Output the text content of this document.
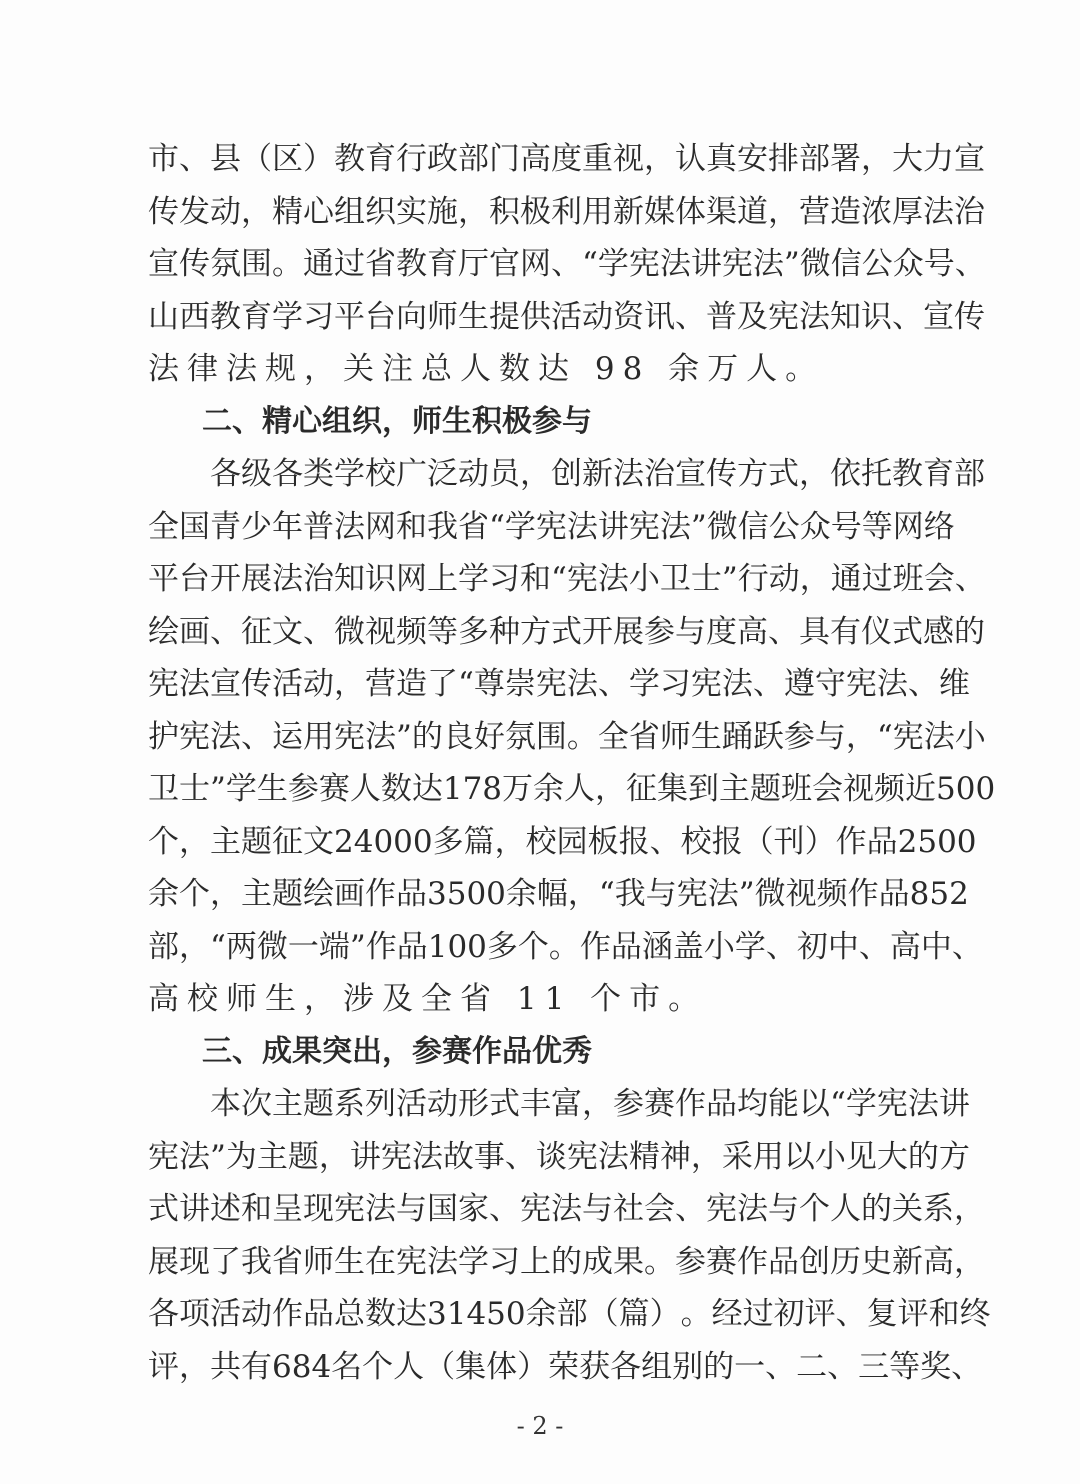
市 、 县 （ 区 ） 教 育 行 政 部 门 高 度 重 视 ， 认 真 安 排 部 署 ， 大 力 宣
传 发 动 ， 精 心 组 织 实 施 ， 积 极 利 用 新 媒 体 渠 道 ， 营 造 浓 厚 法 治
宣 传 氛 围 。 通 过 省 教 育 厅 官 网 、 “ 学 宪 法 讲 宪 法 ” 微 信 公 众 号 、
山 西 教 育 学 习 平 台 向 师 生 提 供 活 动 资 讯 、 普 及 宪 法 知 识 、 宣 传
法律法规，关注总人数达 98 余万人。
二、精心组织，师生积极参与
各 级 各 类 学 校 广 泛 动 员 ， 创 新 法 治 宣 传 方 式 ， 依 托 教 育 部
全 国 青 少 年 普 法 网 和 我 省 “ 学 宪 法 讲 宪 法 ” 微 信 公 众 号 等 网 络
平 台 开 展 法 治 知 识 网 上 学 习 和 “ 宪 法 小 卫 士 ” 行 动 ， 通 过 班 会 、
绘 画 、 征 文 、 微 视 频 等 多 种 方 式 开 展 参 与 度 高 、 具 有 仪 式 感 的
宪 法 宣 传 活 动 ， 营 造 了 “ 尊 崇 宪 法 、 学 习 宪 法 、 遵 守 宪 法 、 维
护 宪 法 、 运 用 宪 法 ” 的 良 好 氛 围 。 全 省 师 生 踊 跃 参 与 ， “ 宪 法 小
卫 士 ” 学 生 参 赛 人 数 达 178 万 余 人 ， 征 集 到 主 题 班 会 视 频 近 500
个 ， 主 题 征 文 24000 多 篇 ， 校 园 板 报 、 校 报 （ 刊 ） 作 品 2500
余 个 ， 主 题 绘 画 作 品 3500 余 幅 ， “ 我 与 宪 法 ” 微 视 频 作 品 852
部 ， “ 两 微 一 端 ” 作 品 100 多 个 。 作 品 涵 盖 小 学 、 初 中 、 高 中 、
高校师生，涉及全省 11 个市。
三、成果突出，参赛作品优秀
本 次 主 题 系 列 活 动 形 式 丰 富 ， 参 赛 作 品 均 能 以 “ 学 宪 法 讲
宪 法 ” 为 主 题 ， 讲 宪 法 故 事 、 谈 宪 法 精 神 ， 采 用 以 小 见 大 的 方
式 讲 述 和 呈 现 宪 法 与 国 家 、 宪 法 与 社 会 、 宪 法 与 个 人 的 关 系 ，
展 现 了 我 省 师 生 在 宪 法 学 习 上 的 成 果 。 参 赛 作 品 创 历 史 新 高 ，
各 项 活 动 作 品 总 数 达 31450 余 部 （ 篇 ） 。 经 过 初 评 、 复 评 和 终
评 ， 共 有 684 名 个 人 （ 集 体 ） 荣 获 各 组 别 的 一 、 二 、 三 等 奖 、
- 2 -
